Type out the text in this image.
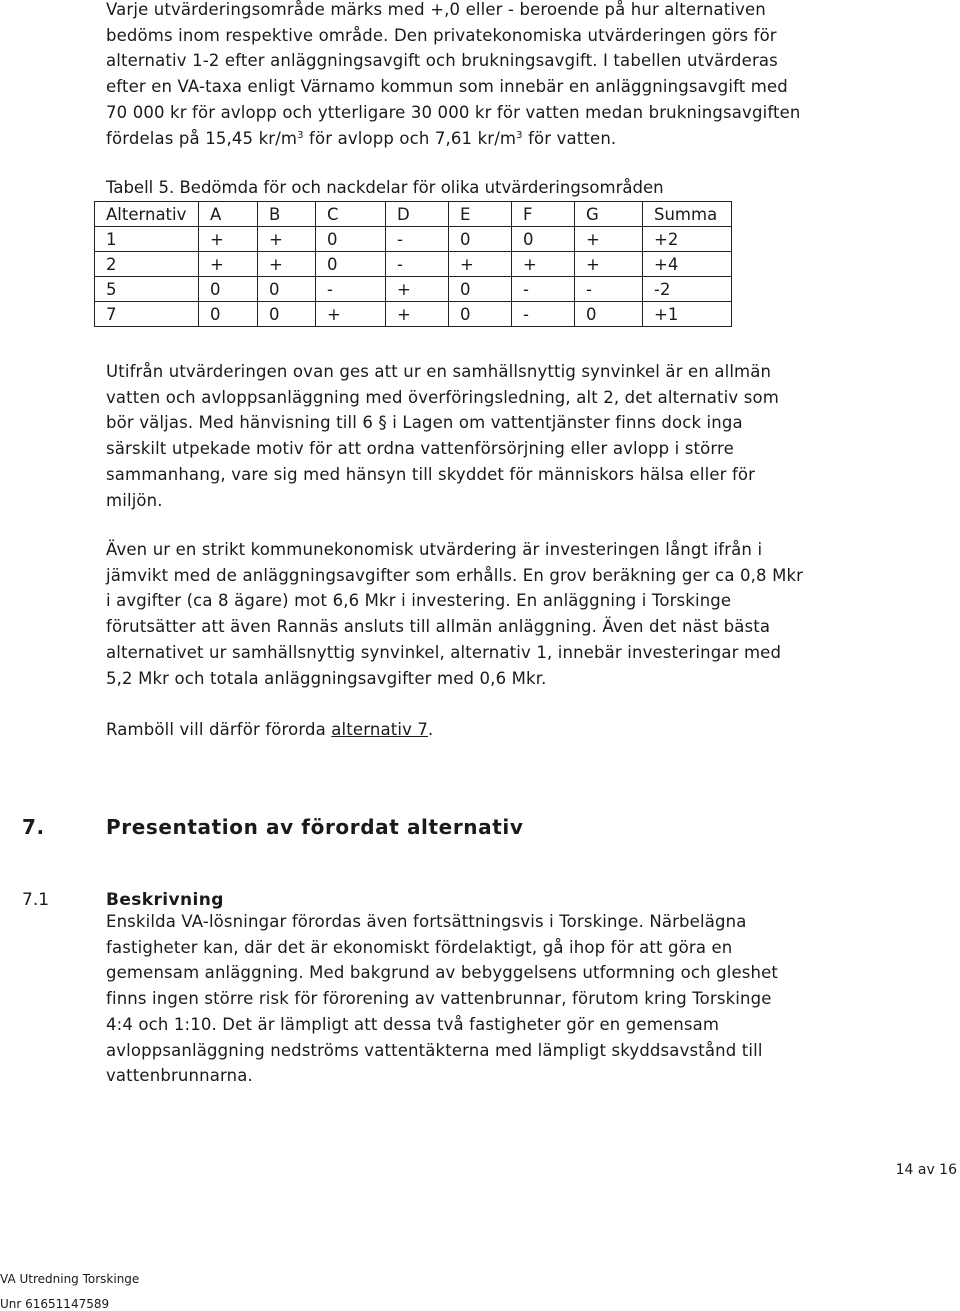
Varje utvärderingsområde märks med +,0 eller - beroende på hur alternativen
bedöms inom respektive område. Den privatekonomiska utvärderingen görs för
alternativ 1-2 efter anläggningsavgift och brukningsavgift. I tabellen utvärderas
efter en VA-taxa enligt Värnamo kommun som innebär en anläggningsavgift med
70 000 kr för avlopp och ytterligare 30 000 kr för vatten medan brukningsavgiften
fördelas på 15,45 $kr/m^3$ för avlopp och 7,61 $kr/m^3$ för vatten.
Tabell 5. Bedömda för och nackdelar för olika utvärderingsområden
Alternativ	A	B	C	D	E	F	G	Summa
1	+	+	0	-	0	0	+	+2
2	+	+	0	-	+	+	+	+4
5	0	0	-	+	0	-	-	-2
7	0	0	+	+	0	-	0	+1
Utifrån utvärderingen ovan ges att ur en samhällsnyttig synvinkel är en allmän
vatten och avloppsanläggning med överföringsledning, alt 2, det alternativ som
bör väljas. Med hänvisning till 6 § i Lagen om vattentjänster finns dock inga
särskilt utpekade motiv för att ordna vattenförsörjning eller avlopp i större
sammanhang, vare sig med hänsyn till skyddet för människors hälsa eller för
miljön.
Även ur en strikt kommunekonomisk utvärdering är investeringen långt ifrån i
jämvikt med de anläggningsavgifter som erhålls. En grov beräkning ger ca 0,8 Mkr
i avgifter (ca 8 ägare) mot 6,6 Mkr i investering. En anläggning i Torskinge
förutsätter att även Rannäs ansluts till allmän anläggning. Även det näst bästa
alternativet ur samhällsnyttig synvinkel, alternativ 1, innebär investeringar med
5,2 Mkr och totala anläggningsavgifter med 0,6 Mkr.
Ramböll vill därför förorda alternativ 7.
7.	Presentation av förordat alternativ
7.1	Beskrivning
Enskilda VA-lösningar förordas även fortsättningsvis i Torskinge. Närbelägna
fastigheter kan, där det är ekonomiskt fördelaktigt, gå ihop för att göra en
gemensam anläggning. Med bakgrund av bebyggelsens utformning och gleshet
finns ingen större risk för förorening av vattenbrunnar, förutom kring Torskinge
4:4 och 1:10. Det är lämpligt att dessa två fastigheter gör en gemensam
avloppsanläggning nedströms vattentäkterna med lämpligt skyddsavstånd till
vattenbrunnarna.
14 av 16
VA Utredning Torskinge
Unr 61651147589
